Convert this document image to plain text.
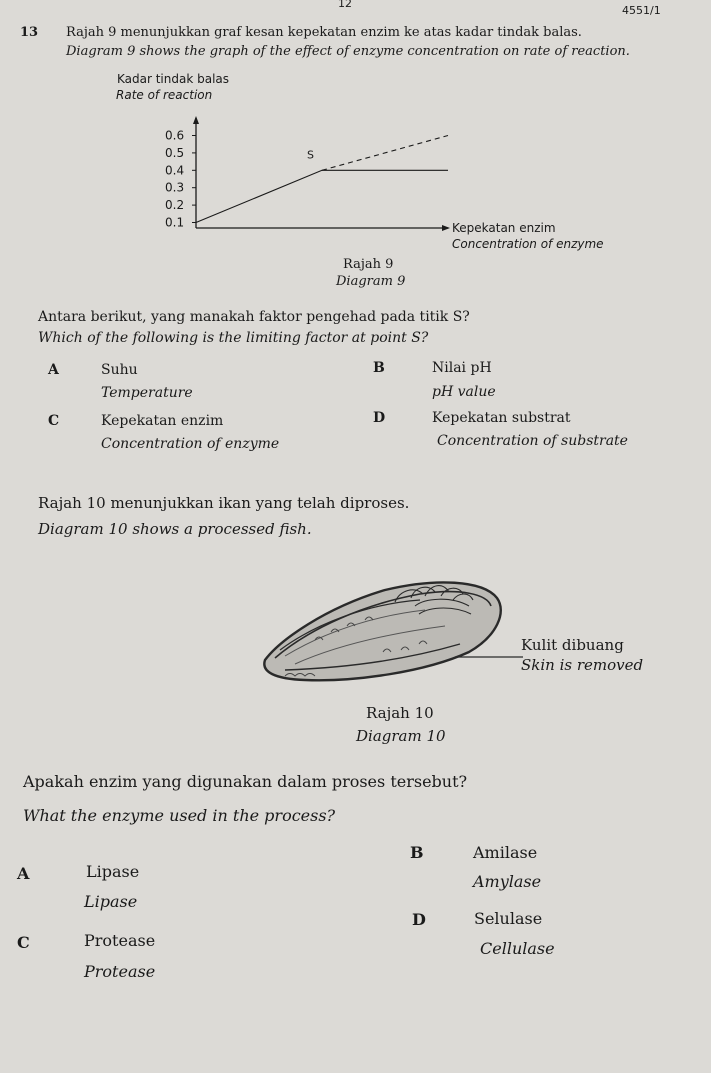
12
4551/1
13 Rajah 9 menunjukkan graf kesan kepekatan enzim ke atas kadar tindak balas.
Diagram 9 shows the graph of the effect of enzyme concentration on rate of reaction.
Kadar tindak balas
Rate of reaction
0.6
0.5
0.4
0.3
0.2
0.1
S
Kepekatan enzim
Concentration of enzyme
Rajah 9
Diagram 9
Antara berikut, yang manakah faktor pengehad pada titik S?
Which of the following is the limiting factor at point S?
A	Suhu
Temperature
B	Nilai pH
pH value
C	Kepekatan enzim
Concentration of enzyme
D	Kepekatan substrat
Concentration of substrate
Rajah 10 menunjukkan ikan yang telah diproses.
Diagram 10 shows a processed fish.
Kulit dibuang
Skin is removed
Rajah 10
Diagram 10
Apakah enzim yang digunakan dalam proses tersebut?
What the enzyme used in the process?
B	Amilase
Amylase
A	Lipase
Lipase
D	Selulase
Cellulase
C	Protease
Protease
